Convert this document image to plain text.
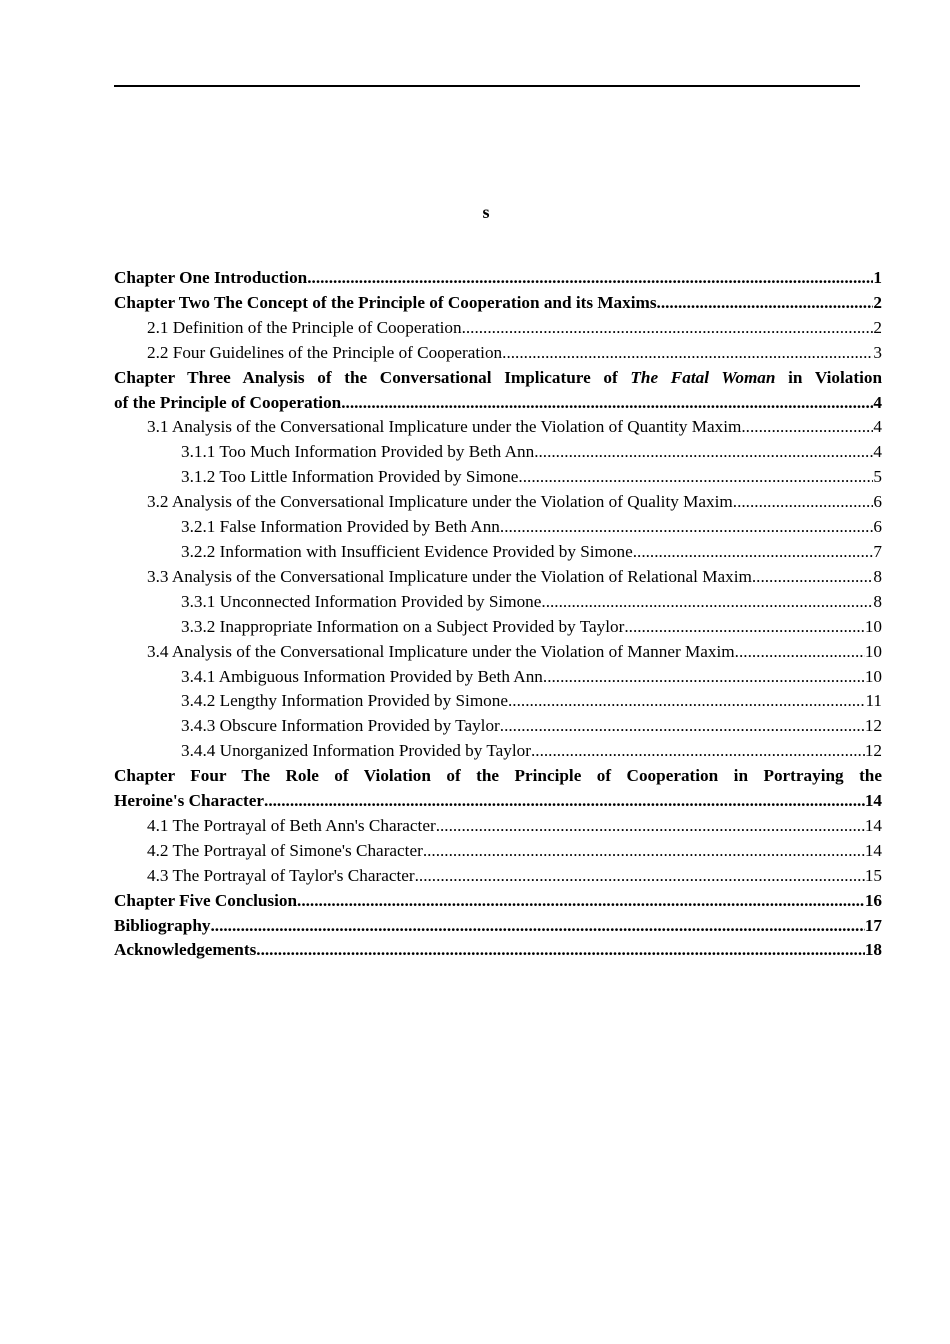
s
Chapter One Introduction .....	1
Chapter Two The Concept of the Principle of Cooperation and its Maxims .....	2
2.1 Definition of the Principle of Cooperation .....	2
2.2 Four Guidelines of the Principle of Cooperation .....	3
Chapter Three Analysis of the Conversational Implicature of The Fatal Woman in Violation
of the Principle of Cooperation .....	4
3.1 Analysis of the Conversational Implicature under the Violation of Quantity Maxim .....	4
3.1.1 Too Much Information Provided by Beth Ann .....	4
3.1.2 Too Little Information Provided by Simone .....	5
3.2 Analysis of the Conversational Implicature under the Violation of Quality Maxim .....	6
3.2.1 False Information Provided by Beth Ann .....	6
3.2.2 Information with Insufficient Evidence Provided by Simone .....	7
3.3 Analysis of the Conversational Implicature under the Violation of Relational Maxim .....	8
3.3.1 Unconnected Information Provided by Simone .....	8
3.3.2 Inappropriate Information on a Subject Provided by Taylor .....	10
3.4 Analysis of the Conversational Implicature under the Violation of Manner Maxim .....	10
3.4.1 Ambiguous Information Provided by Beth Ann .....	10
3.4.2 Lengthy Information Provided by Simone .....	11
3.4.3 Obscure Information Provided by Taylor .....	12
3.4.4 Unorganized Information Provided by Taylor .....	12
Chapter Four The Role of Violation of the Principle of Cooperation in Portraying the
Heroine's Character .....	14
4.1 The Portrayal of Beth Ann's Character .....	14
4.2 The Portrayal of Simone's Character .....	14
4.3 The Portrayal of Taylor's Character .....	15
Chapter Five Conclusion .....	16
Bibliography .....	17
Acknowledgements .....	18
